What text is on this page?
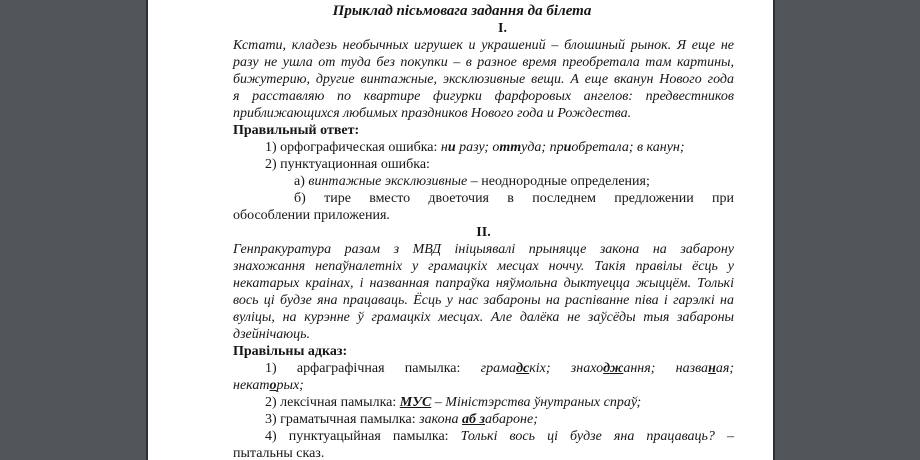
Прыклад пісьмовага задання да білета
I.
Кстати, кладезь необычных игрушек и украшений – блошиный рынок. Я еще не
разу не ушла от туда без покупки – в разное время преобретала там картины,
бижутерию, другие винтажные, эксклюзивные вещи. А еще вканун Нового года
я расставляю по квартире фигурки фарфоровых ангелов: предвестников
приближающихся любимых праздников Нового года и Рождества.
Правильный ответ:
1) орфографическая ошибка: ни разу; оттуда; приобретала; в канун;
2) пунктуационная ошибка:
а) винтажные эксклюзивные – неоднородные определения;
б) тире вместо двоеточия в последнем предложении при
обособлении приложения.
II.
Генпракуратура разам з МВД ініцыявалі прыняцце закона на забарону
знахожання непаўналетніх у грамацкіх месцах ноччу. Такія правілы ёсць у
некатарых краінах, і названная папраўка няўмольна дыктуецца жыццём. Толькі
вось ці будзе яна працаваць. Ёсць у нас забароны на распіванне піва і гарэлкі на
вуліцы, на курэнне ў грамацкіх месцах. Але далёка не заўсёды тыя забароны
дзейнічаюць.
Правільны адказ:
1) арфаграфічная памылка: грамадскіх; знаходжання; названая;
некаторых;
2) лексічная памылка: МУС – Міністэрства ўнутраных спраў;
3) граматычная памылка: закона аб забароне;
4) пунктуацыйная памылка: Толькі вось ці будзе яна працаваць? –
пытальны сказ.
